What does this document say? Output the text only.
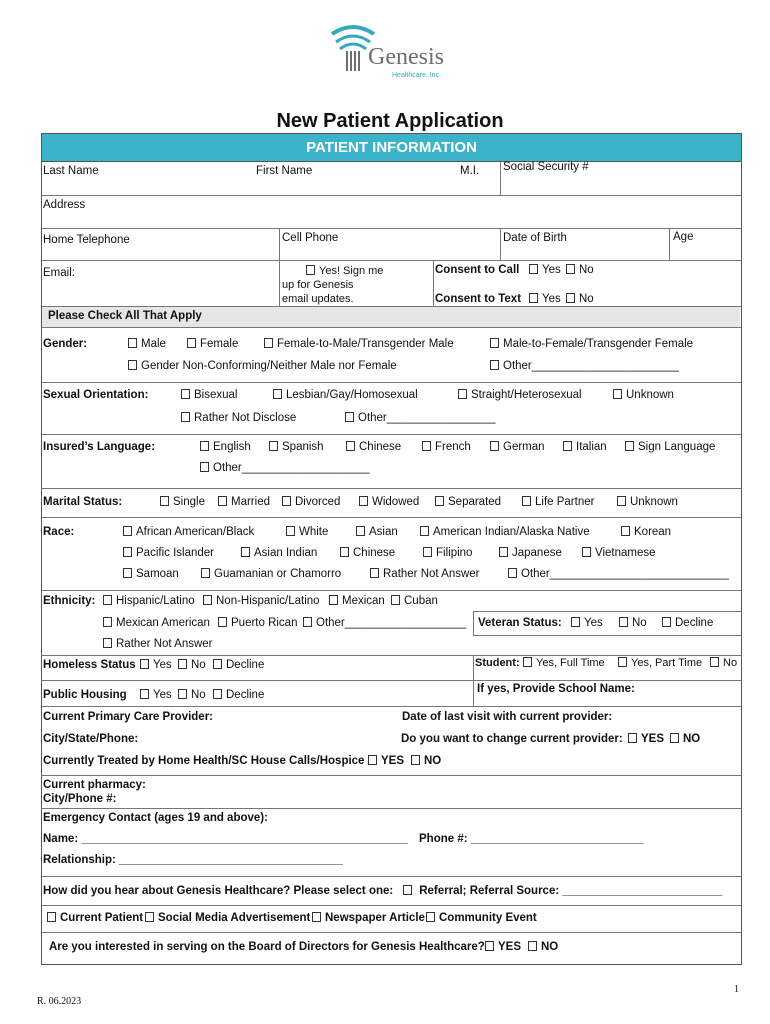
Genesis
Healthcare, Inc.
New Patient Application
PATIENT INFORMATION
Last Name	First Name	M.I. Social Security #
Address
Home Telephone	Cell Phone	Date of Birth	Age
Email:	Yes! Sign me
up for Genesis
email updates.
Consent to Call	Yes	No
Consent to Text	Yes	No
Please Check All That Apply
Gender:	Male	Female	Female-to-Male/Transgender Male	Male-to-Female/Transgender Female
Gender Non-Conforming/Neither Male nor Female	Other_______________________
Sexual Orientation:	Bisexual	Lesbian/Gay/Homosexual	Straight/Heterosexual	Unknown
Rather Not Disclose	Other_________________
Insured’s Language:	English	Spanish	Chinese	French	German	Italian	Sign Language
Other____________________
Marital Status:	Single	Married	Divorced	Widowed	Separated	Life Partner	Unknown
Race:	African American/Black	White	Asian	American Indian/Alaska Native	Korean
Pacific Islander	Asian Indian	Chinese	Filipino	Japanese	Vietnamese
Samoan	Guamanian or Chamorro	Rather Not Answer	Other____________________________
Ethnicity:	Hispanic/Latino	Non-Hispanic/Latino	Mexican	Cuban
Mexican American	Puerto Rican	Other___________________
Rather Not Answer
Veteran Status:	Yes	No	Decline
Homeless Status	Yes	No	Decline	Student:	Yes, Full Time	Yes, Part Time	No
Public Housing	Yes	No	Decline	If yes, Provide School Name:
Current Primary Care Provider:	Date of last visit with current provider:
City/State/Phone:	Do you want to change current provider:	YES	NO
Currently Treated by Home Health/SC House Calls/Hospice	YES	NO
Current pharmacy:
City/Phone #:
Emergency Contact (ages 19 and above):
Name: ___________________________________________________ Phone #: ___________________________
Relationship: ___________________________________
How did you hear about Genesis Healthcare? Please select one:	Referral; Referral Source: _________________________
Current Patient	Social Media Advertisement	Newspaper Article	Community Event
Are you interested in serving on the Board of Directors for Genesis Healthcare?	YES	NO
1
R. 06.2023
